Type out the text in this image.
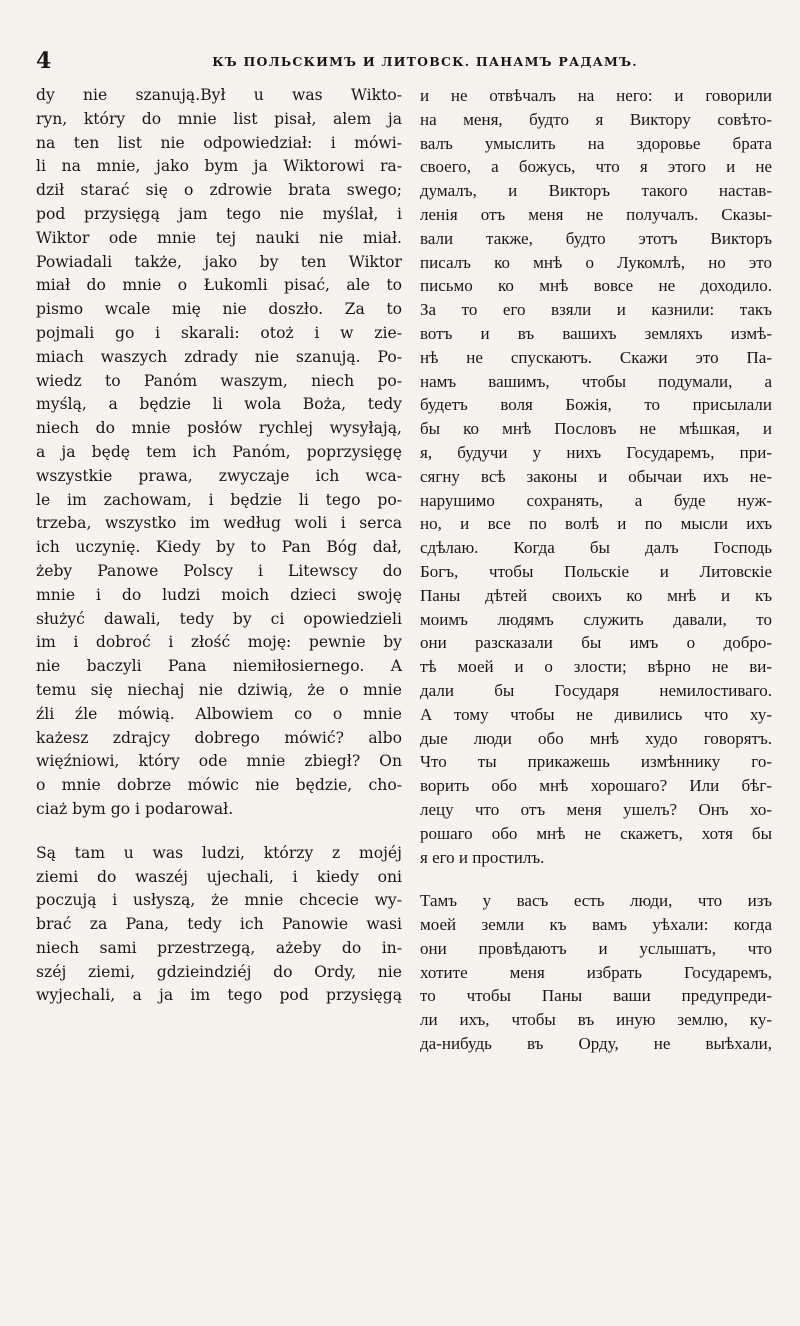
4	КЪ ПОЛЬСКИМЪ И ЛИТОВСК. ПАНАМЪ РАДАМЪ.
dy nie szanują.Był u was Wikto-
ryn, który do mnie list pisał, alem ja
na ten list nie odpowiedział: i mówi-
li na mnie, jako bym ja Wiktorowi ra-
dził starać się o zdrowie brata swego;
pod przysięgą jam tego nie myślał, i
Wiktor ode mnie tej nauki nie miał.
Powiadali także, jako by ten Wiktor
miał do mnie o Łukomli pisać, ale to
pismo wcale mię nie doszło. Za to
pojmali go i skarali: otoż i w zie-
miach waszych zdrady nie szanują. Po-
wiedz to Panóm waszym, niech po-
myślą, a będzie li wola Boża, tedy
niech do mnie posłów rychlej wysyłają,
a ja będę tem ich Panóm, poprzysięgę
wszystkie prawa, zwyczaje ich wca-
le im zachowam, i będzie li tego po-
trzeba, wszystko im według woli i serca
ich uczynię. Kiedy by to Pan Bóg dał,
żeby Panowe Polscy i Litewscy do
mnie i do ludzi moich dzieci swoję
służyć dawali, tedy by ci opowiedzieli
im i dobroć i złość moję: pewnie by
nie baczyli Pana niemiłosiernego. A
temu się niechaj nie dziwią, że o mnie
źli źle mówią. Albowiem co o mnie
każesz zdrajcy dobrego mówić? albo
więźniowi, który ode mnie zbiegł? On
o mnie dobrze mówic nie będzie, cho-
ciaż bym go i podarował.
Są tam u was ludzi, którzy z mojéj
ziemi do waszéj ujechali, i kiedy oni
poczują i usłyszą, że mnie chcecie wy-
brać za Pana, tedy ich Panowie wasi
niech sami przestrzegą, ażeby do in-
széj ziemi, gdzieindziéj do Ordy, nie
wyjechali, a ja im tego pod przysięgą
и не отвѣчалъ на него: и говорили
на меня, будто я Виктору совѣто-
валъ умыслить на здоровье брата
своего, а божусь, что я этого и не
думалъ, и Викторъ такого настав-
ленія отъ меня не получалъ. Сказы-
вали также, будто этотъ Викторъ
писалъ ко мнѣ о Лукомлѣ, но это
письмо ко мнѣ вовсе не доходило.
За то его взяли и казнили: такъ
вотъ и въ вашихъ земляхъ измѣ-
нѣ не спускаютъ. Скажи это Па-
намъ вашимъ, чтобы подумали, а
будетъ воля Божія, то присылали
бы ко мнѣ Пословъ не мѣшкая, и
я, будучи у нихъ Государемъ, при-
сягну всѣ законы и обычаи ихъ не-
нарушимо сохранять, а буде нуж-
но, и все по волѣ и по мысли ихъ
сдѣлаю. Когда бы далъ Господь
Богъ, чтобы Польскіе и Литовскіе
Паны дѣтей своихъ ко мнѣ и къ
моимъ людямъ служить давали, то
они разсказали бы имъ о добро-
тѣ моей и о злости; вѣрно не ви-
дали бы Государя немилостиваго.
А тому чтобы не дивились что ху-
дые люди обо мнѣ худо говорятъ.
Что ты прикажешь измѣннику го-
ворить обо мнѣ хорошаго? Или бѣг-
лецу что отъ меня ушелъ? Онъ хо-
рошаго обо мнѣ не скажетъ, хотя бы
я его и простилъ.
Тамъ у васъ есть люди, что изъ
моей земли къ вамъ уѣхали: когда
они провѣдаютъ и услышатъ, что
хотите меня избрать Государемъ,
то чтобы Паны ваши предупреди-
ли ихъ, чтобы въ иную землю, ку-
да-нибудь въ Орду, не выѣхали,
